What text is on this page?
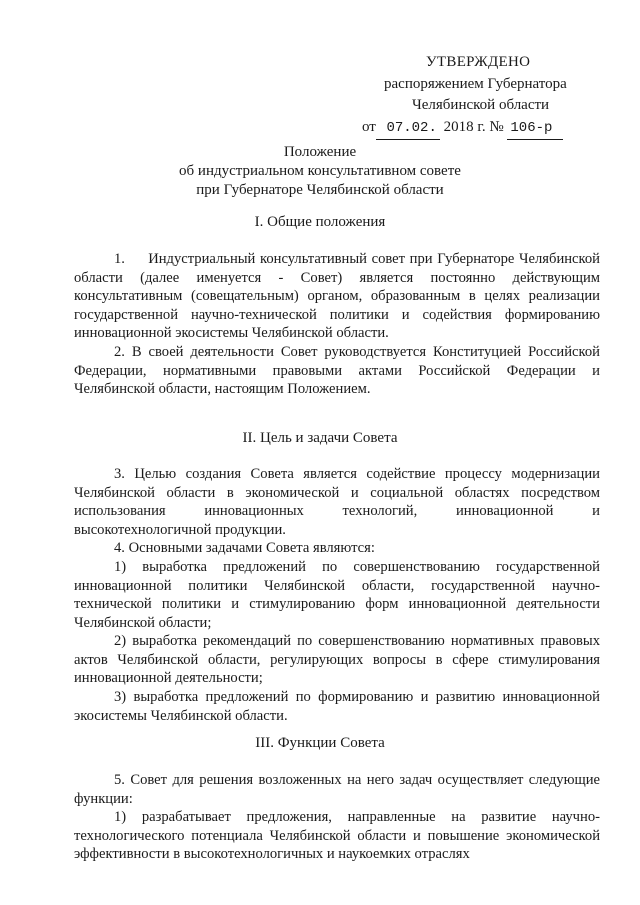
УТВЕРЖДЕНО
распоряжением Губернатора
Челябинской области
от 07.02. 2018 г. № 106-р
Положение
об индустриальном консультативном совете
при Губернаторе Челябинской области
I. Общие положения

1.     Индустриальный консультативный совет при Губернаторе Челябинской области (далее именуется - Совет) является постоянно действующим консультативным (совещательным) органом, образованным в целях реализации государственной научно-технической политики и содействия формированию инновационной экосистемы Челябинской области.

2. В своей деятельности Совет руководствуется Конституцией Российской Федерации, нормативными правовыми актами Российской Федерации и Челябинской области, настоящим Положением.

II. Цель и задачи Совета

3. Целью создания Совета является содействие процессу модернизации Челябинской области в экономической и социальной областях посредством использования инновационных технологий, инновационной и высокотехнологичной продукции.

4. Основными задачами Совета являются:

1) выработка предложений по совершенствованию государственной инновационной политики Челябинской области, государственной научно-технической политики и стимулированию форм инновационной деятельности Челябинской области;

2) выработка рекомендаций по совершенствованию нормативных правовых актов Челябинской области, регулирующих вопросы в сфере стимулирования инновационной деятельности;

3) выработка предложений по формированию и развитию инновационной экосистемы Челябинской области.

III. Функции Совета

5. Совет для решения возложенных на него задач осуществляет следующие функции:

1) разрабатывает предложения, направленные на развитие научно-технологического потенциала Челябинской области и повышение экономической эффективности в высокотехнологичных и наукоемких отраслях
